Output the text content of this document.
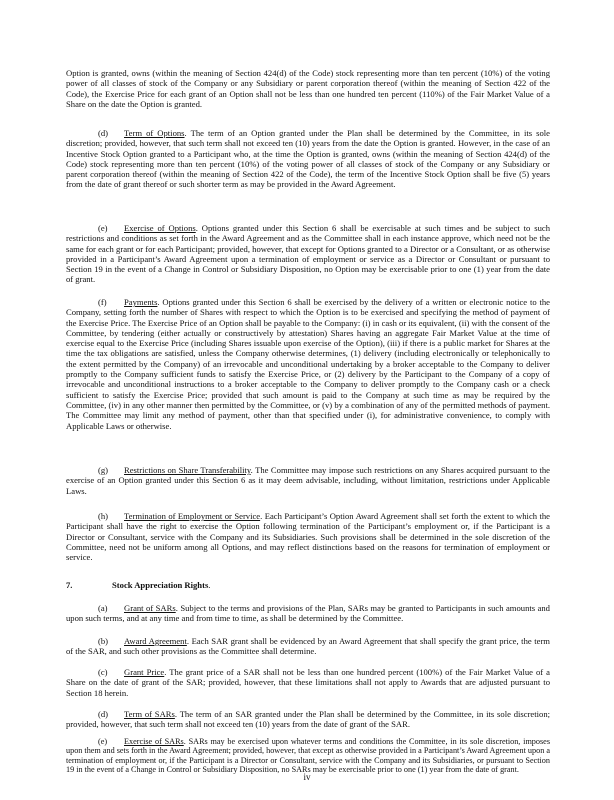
Option is granted, owns (within the meaning of Section 424(d) of the Code) stock representing more than ten percent (10%) of the voting power of all classes of stock of the Company or any Subsidiary or parent corporation thereof (within the meaning of Section 422 of the Code), the Exercise Price for each grant of an Option shall not be less than one hundred ten percent (110%) of the Fair Market Value of a Share on the date the Option is granted.

(d) Term of Options. The term of an Option granted under the Plan shall be determined by the Committee, in its sole discretion; provided, however, that such term shall not exceed ten (10) years from the date the Option is granted. However, in the case of an Incentive Stock Option granted to a Participant who, at the time the Option is granted, owns (within the meaning of Section 424(d) of the Code) stock representing more than ten percent (10%) of the voting power of all classes of stock of the Company or any Subsidiary or parent corporation thereof (within the meaning of Section 422 of the Code), the term of the Incentive Stock Option shall be five (5) years from the date of grant thereof or such shorter term as may be provided in the Award Agreement.

(e) Exercise of Options. Options granted under this Section 6 shall be exercisable at such times and be subject to such restrictions and conditions as set forth in the Award Agreement and as the Committee shall in each instance approve, which need not be the same for each grant or for each Participant; provided, however, that except for Options granted to a Director or a Consultant, or as otherwise provided in a Participant’s Award Agreement upon a termination of employment or service as a Director or Consultant or pursuant to Section 19 in the event of a Change in Control or Subsidiary Disposition, no Option may be exercisable prior to one (1) year from the date of grant.

(f) Payments. Options granted under this Section 6 shall be exercised by the delivery of a written or electronic notice to the Company, setting forth the number of Shares with respect to which the Option is to be exercised and specifying the method of payment of the Exercise Price. The Exercise Price of an Option shall be payable to the Company: (i) in cash or its equivalent, (ii) with the consent of the Committee, by tendering (either actually or constructively by attestation) Shares having an aggregate Fair Market Value at the time of exercise equal to the Exercise Price (including Shares issuable upon exercise of the Option), (iii) if there is a public market for Shares at the time the tax obligations are satisfied, unless the Company otherwise determines, (1) delivery (including electronically or telephonically to the extent permitted by the Company) of an irrevocable and unconditional undertaking by a broker acceptable to the Company to deliver promptly to the Company sufficient funds to satisfy the Exercise Price, or (2) delivery by the Participant to the Company of a copy of irrevocable and unconditional instructions to a broker acceptable to the Company to deliver promptly to the Company cash or a check sufficient to satisfy the Exercise Price; provided that such amount is paid to the Company at such time as may be required by the Committee, (iv) in any other manner then permitted by the Committee, or (v) by a combination of any of the permitted methods of payment. The Committee may limit any method of payment, other than that specified under (i), for administrative convenience, to comply with Applicable Laws or otherwise.

(g) Restrictions on Share Transferability. The Committee may impose such restrictions on any Shares acquired pursuant to the exercise of an Option granted under this Section 6 as it may deem advisable, including, without limitation, restrictions under Applicable Laws.

(h) Termination of Employment or Service. Each Participant’s Option Award Agreement shall set forth the extent to which the Participant shall have the right to exercise the Option following termination of the Participant’s employment or, if the Participant is a Director or Consultant, service with the Company and its Subsidiaries. Such provisions shall be determined in the sole discretion of the Committee, need not be uniform among all Options, and may reflect distinctions based on the reasons for termination of employment or service.

7.	Stock Appreciation Rights.

(a) Grant of SARs. Subject to the terms and provisions of the Plan, SARs may be granted to Participants in such amounts and upon such terms, and at any time and from time to time, as shall be determined by the Committee.

(b) Award Agreement. Each SAR grant shall be evidenced by an Award Agreement that shall specify the grant price, the term of the SAR, and such other provisions as the Committee shall determine.

(c) Grant Price. The grant price of a SAR shall not be less than one hundred percent (100%) of the Fair Market Value of a Share on the date of grant of the SAR; provided, however, that these limitations shall not apply to Awards that are adjusted pursuant to Section 18 herein.

(d) Term of SARs. The term of an SAR granted under the Plan shall be determined by the Committee, in its sole discretion; provided, however, that such term shall not exceed ten (10) years from the date of grant of the SAR.

(e) Exercise of SARs. SARs may be exercised upon whatever terms and conditions the Committee, in its sole discretion, imposes upon them and sets forth in the Award Agreement; provided, however, that except as otherwise provided in a Participant’s Award Agreement upon a termination of employment or, if the Participant is a Director or Consultant, service with the Company and its Subsidiaries, or pursuant to Section 19 in the event of a Change in Control or Subsidiary Disposition, no SARs may be exercisable prior to one (1) year from the date of grant.

iv
